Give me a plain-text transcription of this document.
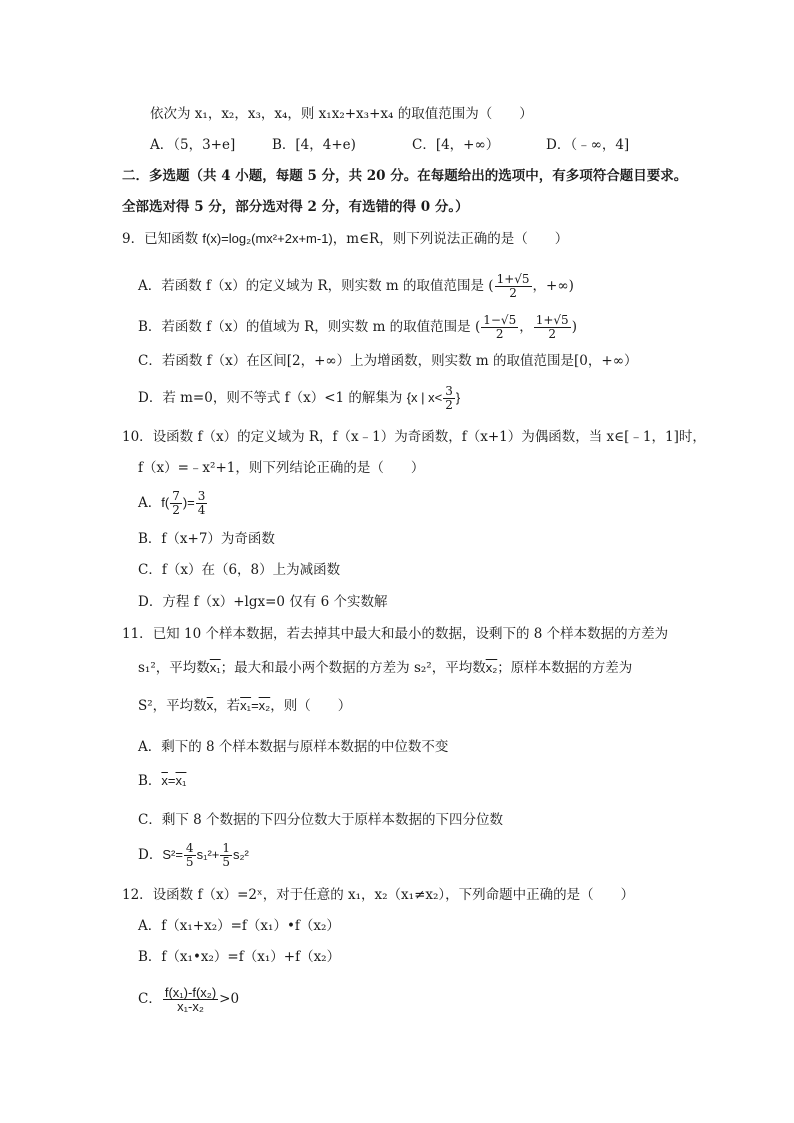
依次为 x₁，x₂，x₃，x₄，则 x₁x₂+x₃+x₄ 的取值范围为（　　）
A．（5，3+e]	B．[4，4+e)	C．[4，+∞）	D．（﹣∞，4]
二．多选题（共 4 小题，每题 5 分，共 20 分。在每题给出的选项中，有多项符合题目要求。
全部选对得 5 分，部分选对得 2 分，有选错的得 0 分。）
9．已知函数 f(x)=log₂(mx²+2x+m-1)，m∈R，则下列说法正确的是（　　）
A．若函数 f（x）的定义域为 R，则实数 m 的取值范围是 ( $\frac{1+√5}{2}$ ，+∞)
B．若函数 f（x）的值域为 R，则实数 m 的取值范围是 ( $\frac{1-√5}{2}$ ， $\frac{1+√5}{2}$ )
C．若函数 f（x）在区间[2，+∞）上为增函数，则实数 m 的取值范围是[0，+∞）
D．若 m=0，则不等式 f（x）<1 的解集为 {x | $x< \frac{3}{2}$ }
10．设函数 f（x）的定义域为 R，f（x﹣1）为奇函数，f（x+1）为偶函数，当 x∈[﹣1，1]时，
f（x）=﹣x²+1，则下列结论正确的是（　　）
A．$f( \frac{7}{2}$ )= $\frac{3}{4}$
B．f（x+7）为奇函数
C．f（x）在（6，8）上为减函数
D．方程 f（x）+lgx=0 仅有 6 个实数解
11．已知 10 个样本数据，若去掉其中最大和最小的数据，设剩下的 8 个样本数据的方差为
s₁²，平均数x₁；最大和最小两个数据的方差为 s₂²，平均数x₂；原样本数据的方差为
S²，平均数$\overline{x}$，若x₁=x₂，则（　　）
A．剩下的 8 个样本数据与原样本数据的中位数不变
B．$\overline{x}=x_1$
C．剩下 8 个数据的下四分位数大于原样本数据的下四分位数
D．$S^2= \frac{4}{5} s_1^2+ \frac{1}{5} s_2^2$
12．设函数 f（x）=2ˣ，对于任意的 x₁，x₂（x₁≠x₂），下列命题中正确的是（　　）
A．f（x₁+x₂）=f（x₁）•f（x₂）
B．f（x₁•x₂）=f（x₁）+f（x₂）
C． $\frac{\text{f(x₁)-f(x₂)}}{\text{x₁-x₂}} >0$
